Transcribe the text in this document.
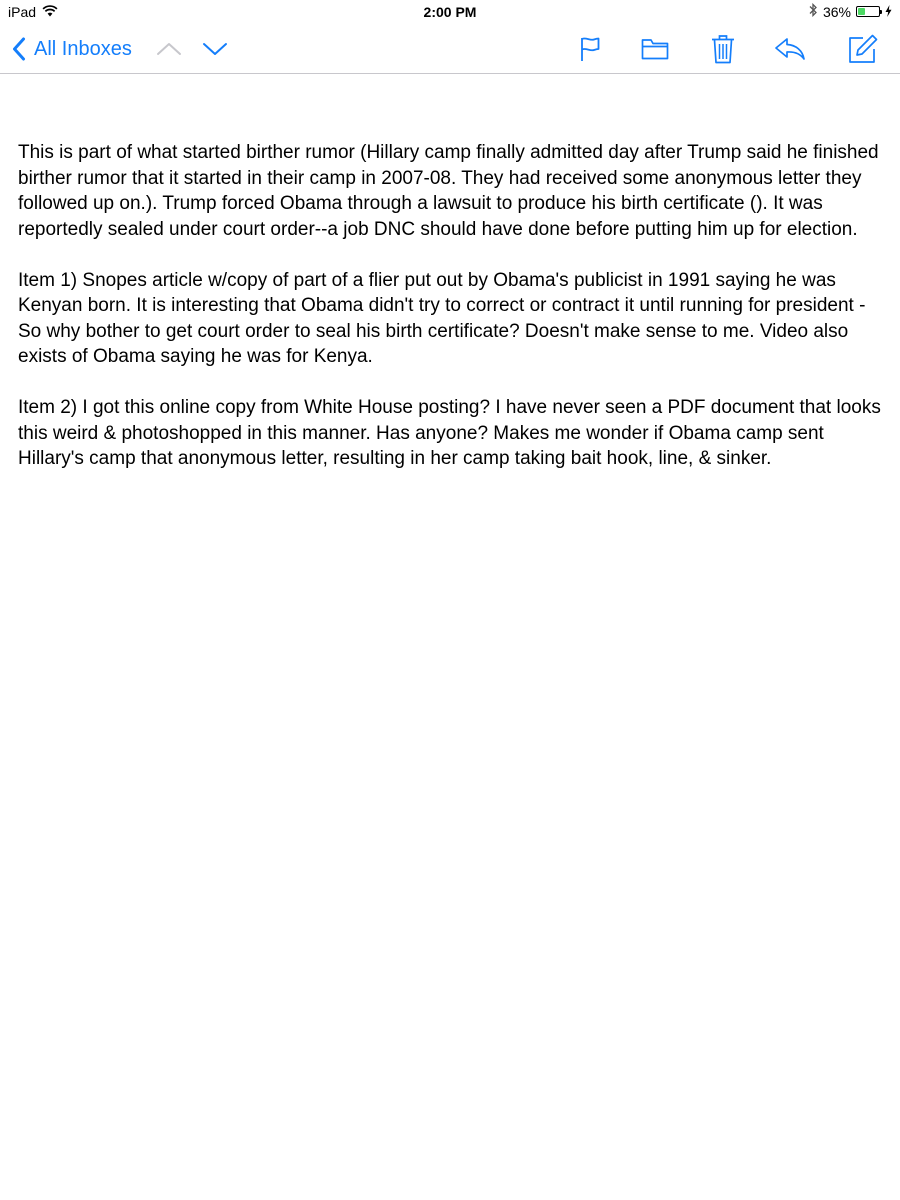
iPad	2:00 PM	36%
All Inboxes

This is part of what started birther rumor (Hillary camp finally admitted day after Trump said he finished birther rumor that it started in their camp in 2007-08. They had received some anonymous letter they followed up on.). Trump forced Obama through a lawsuit to produce his birth certificate (). It was reportedly sealed under court order--a job DNC should have done before putting him up for election.

Item 1) Snopes article w/copy of part of a flier put out by Obama's publicist in 1991 saying he was Kenyan born. It is interesting that Obama didn't try to correct or contract it until running for president -So why bother to get court order to seal his birth certificate? Doesn't make sense to me. Video also exists of Obama saying he was for Kenya.

Item 2) I got this online copy from White House posting? I have never seen a PDF document that looks this weird & photoshopped in this manner. Has anyone? Makes me wonder if Obama camp sent Hillary's camp that anonymous letter, resulting in her camp taking bait hook, line, & sinker.
